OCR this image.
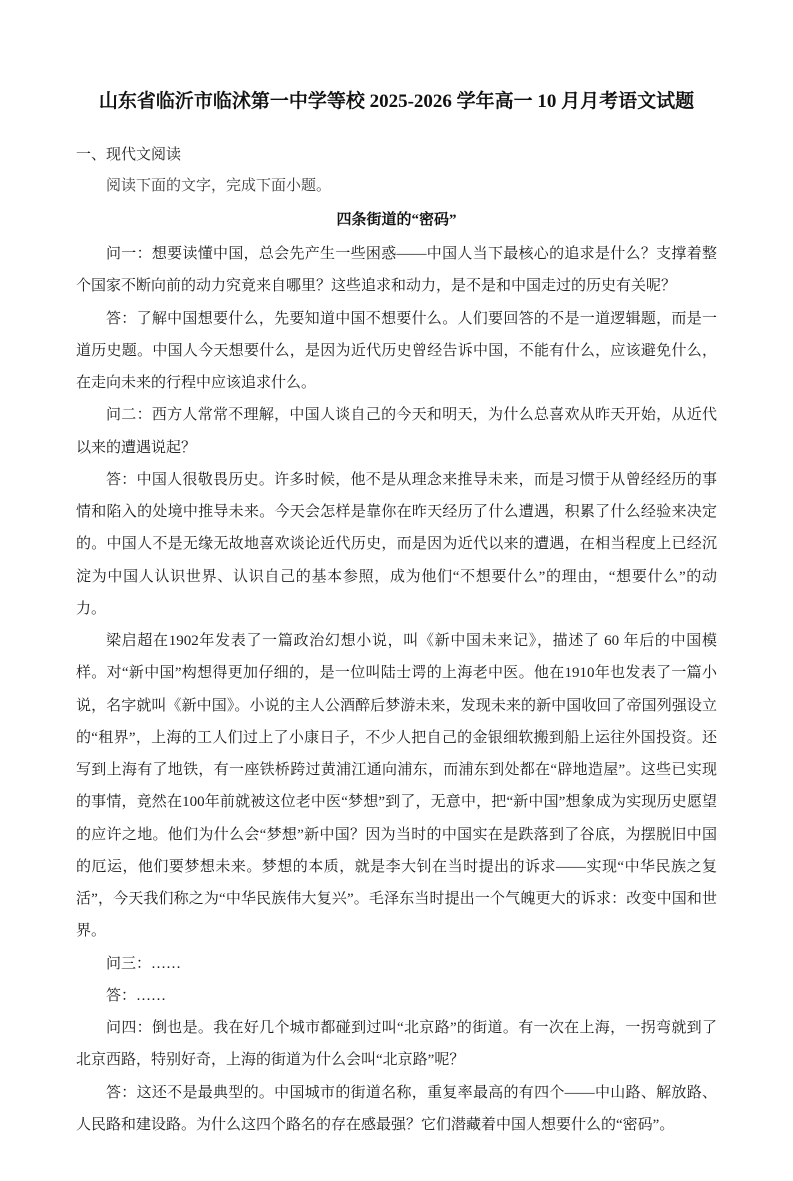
山东省临沂市临沭第一中学等校 2025-2026 学年高一 10 月月考语文试题
一、现代文阅读

阅读下面的文字，完成下面小题。

四条街道的“密码”

问一：想要读懂中国，总会先产生一些困惑——中国人当下最核心的追求是什么？支撑着整个国家不断向前的动力究竟来自哪里？这些追求和动力，是不是和中国走过的历史有关呢？

答：了解中国想要什么，先要知道中国不想要什么。人们要回答的不是一道逻辑题，而是一道历史题。中国人今天想要什么，是因为近代历史曾经告诉中国，不能有什么，应该避免什么，在走向未来的行程中应该追求什么。

问二：西方人常常不理解，中国人谈自己的今天和明天，为什么总喜欢从昨天开始，从近代以来的遭遇说起？

答：中国人很敬畏历史。许多时候，他不是从理念来推导未来，而是习惯于从曾经经历的事情和陷入的处境中推导未来。今天会怎样是靠你在昨天经历了什么遭遇，积累了什么经验来决定的。中国人不是无缘无故地喜欢谈论近代历史，而是因为近代以来的遭遇，在相当程度上已经沉淀为中国人认识世界、认识自己的基本参照，成为他们“不想要什么”的理由，“想要什么”的动力。

梁启超在1902年发表了一篇政治幻想小说，叫《新中国未来记》，描述了 60 年后的中国模样。对“新中国”构想得更加仔细的，是一位叫陆士谔的上海老中医。他在1910年也发表了一篇小说，名字就叫《新中国》。小说的主人公酒醉后梦游未来，发现未来的新中国收回了帝国列强设立的“租界”，上海的工人们过上了小康日子，不少人把自己的金银细软搬到船上运往外国投资。还写到上海有了地铁，有一座铁桥跨过黄浦江通向浦东，而浦东到处都在“辟地造屋”。这些已实现的事情，竟然在100年前就被这位老中医“梦想”到了，无意中，把“新中国”想象成为实现历史愿望的应许之地。他们为什么会“梦想”新中国？因为当时的中国实在是跌落到了谷底，为摆脱旧中国的厄运，他们要梦想未来。梦想的本质，就是李大钊在当时提出的诉求——实现“中华民族之复活”，今天我们称之为“中华民族伟大复兴”。毛泽东当时提出一个气魄更大的诉求：改变中国和世界。

问三：……

答：……

问四：倒也是。我在好几个城市都碰到过叫“北京路”的街道。有一次在上海，一拐弯就到了北京西路，特别好奇，上海的街道为什么会叫“北京路”呢？

答：这还不是最典型的。中国城市的街道名称，重复率最高的有四个——中山路、解放路、人民路和建设路。为什么这四个路名的存在感最强？它们潜藏着中国人想要什么的“密码”。
